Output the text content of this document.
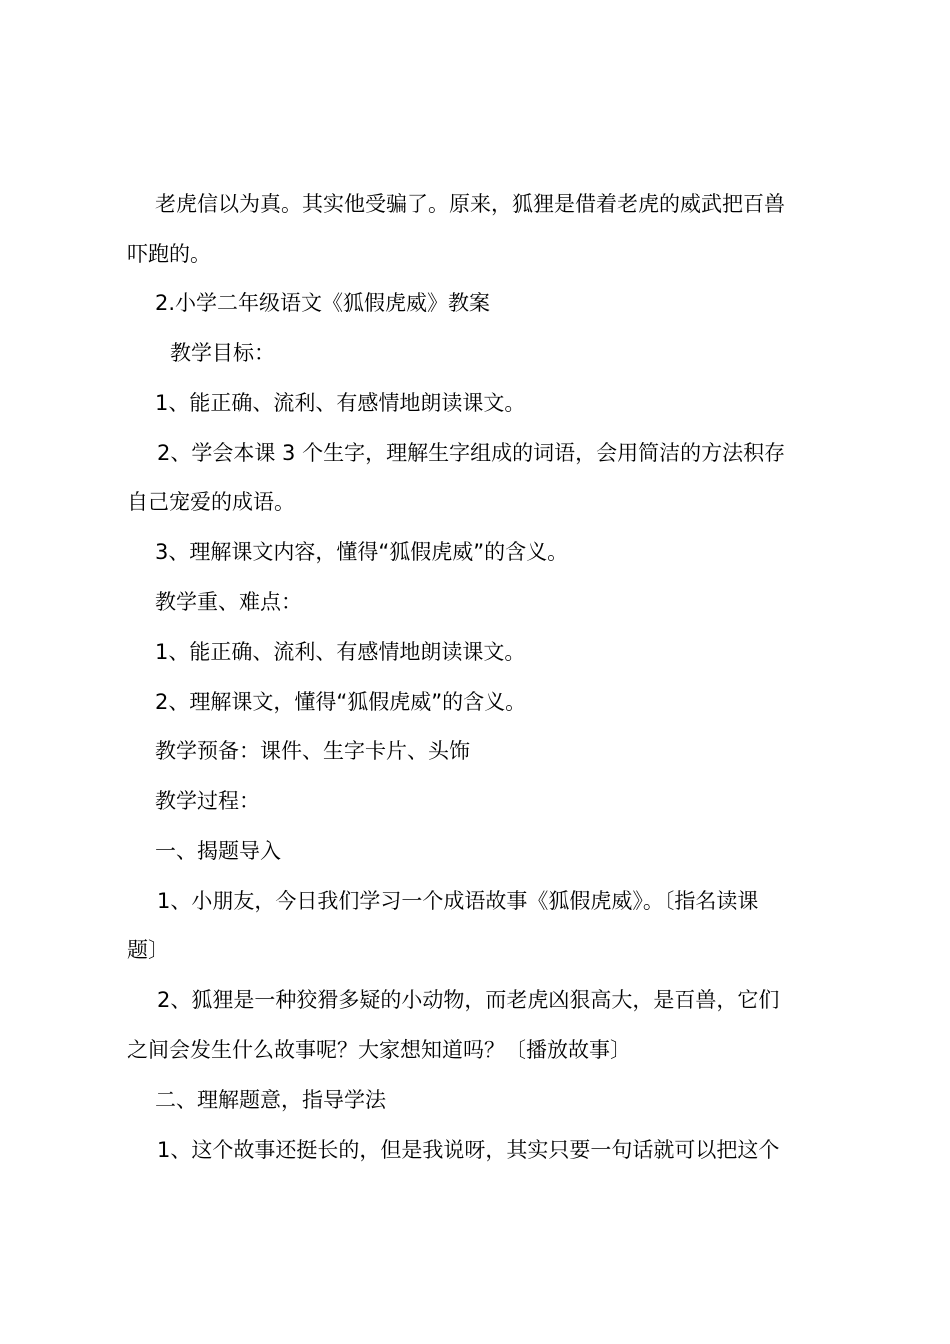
老虎信以为真。其实他受骗了。原来，狐狸是借着老虎的威武把百兽
吓跑的。
2.小学二年级语文《狐假虎威》教案
教学目标：
1、能正确、流利、有感情地朗读课文。
2、学会本课 3 个生字，理解生字组成的词语，会用简洁的方法积存
自己宠爱的成语。
3、理解课文内容，懂得“狐假虎威”的含义。
教学重、难点：
1、能正确、流利、有感情地朗读课文。
2、理解课文，懂得“狐假虎威”的含义。
教学预备：课件、生字卡片、头饰
教学过程：
一、揭题导入
1、小朋友，今日我们学习一个成语故事《狐假虎威》。〔指名读课
题〕
2、狐狸是一种狡猾多疑的小动物，而老虎凶狠高大，是百兽，它们
之间会发生什么故事呢？大家想知道吗？〔播放故事〕
二、理解题意，指导学法
1、这个故事还挺长的，但是我说呀，其实只要一句话就可以把这个
